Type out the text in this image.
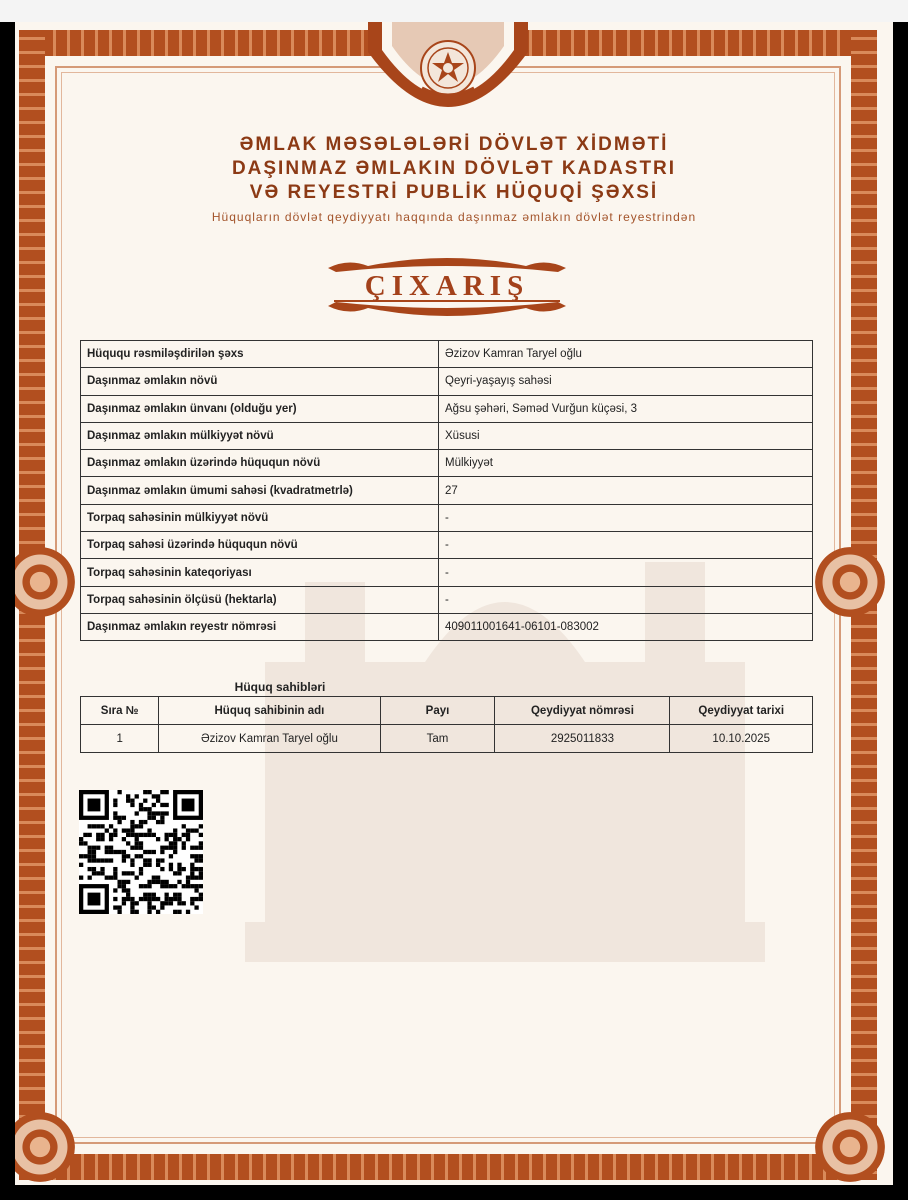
ƏMLAK MƏSƏLƏLƏRİ DÖVLƏT XİDMƏTİ
DAŞINMAZ ƏMLAKIN DÖVLƏT KADASTRI
VƏ REYESTRİ PUBLİK HÜQUQİ ŞƏXSİ
Hüquqların dövlət qeydiyyatı haqqında daşınmaz əmlakın dövlət reyestrindən
ÇIXARIŞ
Hüququ rəsmiləşdirilən şəxs	Əzizov Kamran Taryel oğlu
Daşınmaz əmlakın növü	Qeyri-yaşayış sahəsi
Daşınmaz əmlakın ünvanı (olduğu yer)	Ağsu şəhəri, Səməd Vurğun küçəsi, 3
Daşınmaz əmlakın mülkiyyət növü	Xüsusi
Daşınmaz əmlakın üzərində hüququn növü	Mülkiyyət
Daşınmaz əmlakın ümumi sahəsi (kvadratmetrlə)	27
Torpaq sahəsinin mülkiyyət növü	-
Torpaq sahəsi üzərində hüququn növü	-
Torpaq sahəsinin kateqoriyası	-
Torpaq sahəsinin ölçüsü (hektarla)	-
Daşınmaz əmlakın reyestr nömrəsi	409011001641-06101-083002
Hüquq sahibləri
Sıra №	Hüquq sahibinin adı	Payı	Qeydiyyat nömrəsi	Qeydiyyat tarixi
1	Əzizov Kamran Taryel oğlu	Tam	2925011833	10.10.2025
